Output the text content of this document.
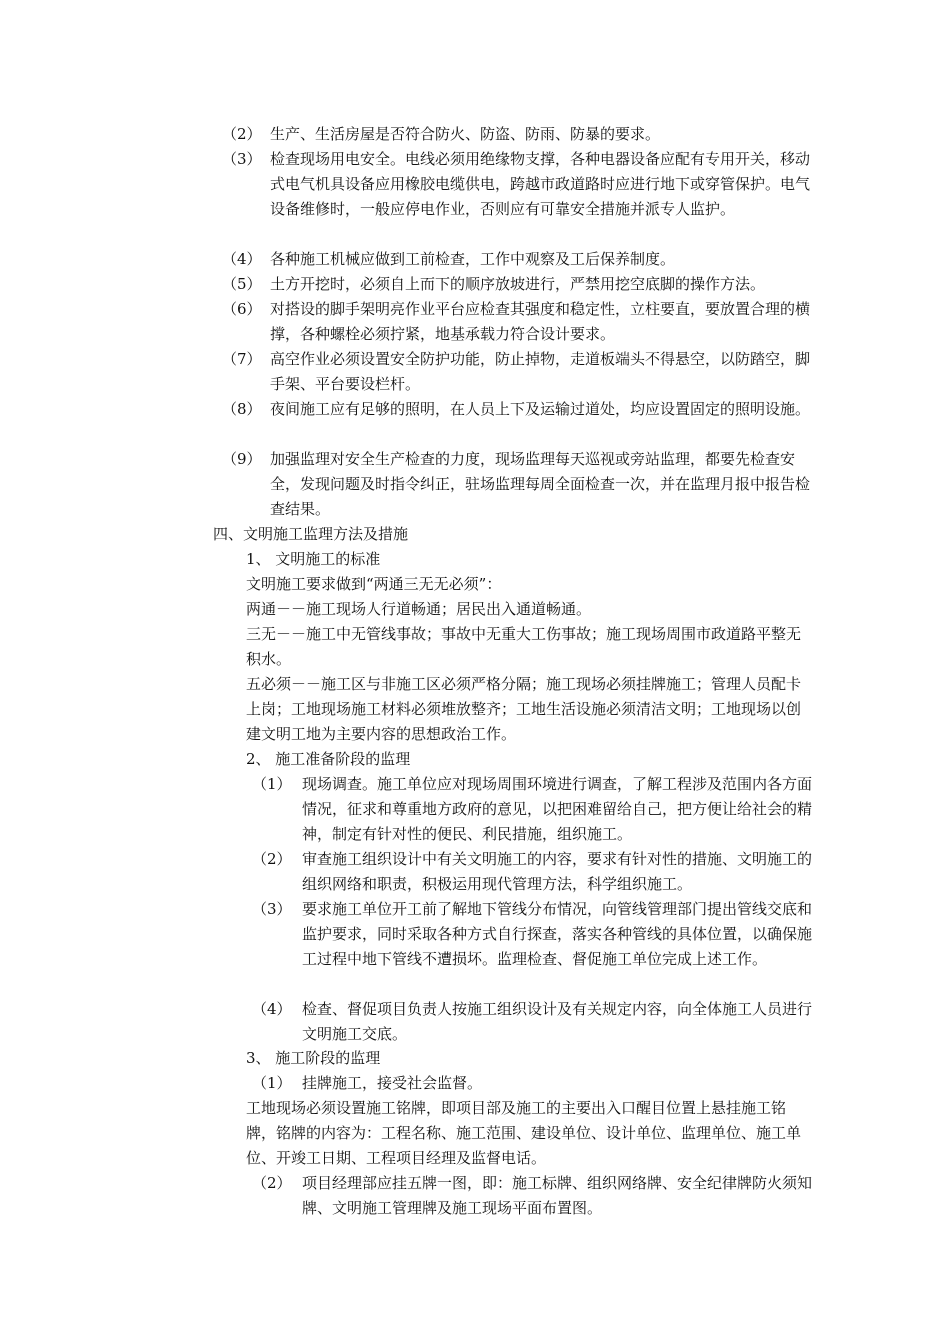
（2） 生产、生活房屋是否符合防火、防盗、防雨、防暴的要求。
（3） 检查现场用电安全。电线必须用绝缘物支撑，各种电器设备应配有专用开关，移动式电气机具设备应用橡胶电缆供电，跨越市政道路时应进行地下或穿管保护。电气设备维修时，一般应停电作业，否则应有可靠安全措施并派专人监护。
（4） 各种施工机械应做到工前检查，工作中观察及工后保养制度。
（5） 土方开挖时，必须自上而下的顺序放坡进行，严禁用挖空底脚的操作方法。
（6） 对搭设的脚手架明亮作业平台应检查其强度和稳定性，立柱要直，要放置合理的横撑，各种螺栓必须拧紧，地基承载力符合设计要求。
（7） 高空作业必须设置安全防护功能，防止掉物，走道板端头不得悬空，以防踏空，脚手架、平台要设栏杆。
（8） 夜间施工应有足够的照明，在人员上下及运输过道处，均应设置固定的照明设施。
（9） 加强监理对安全生产检查的力度，现场监理每天巡视或旁站监理，都要先检查安全，发现问题及时指令纠正，驻场监理每周全面检查一次，并在监理月报中报告检查结果。
四、文明施工监理方法及措施
1、 文明施工的标准
文明施工要求做到“两通三无无必须”：
两通－－施工现场人行道畅通；居民出入通道畅通。
三无－－施工中无管线事故；事故中无重大工伤事故；施工现场周围市政道路平整无积水。
五必须－－施工区与非施工区必须严格分隔；施工现场必须挂牌施工；管理人员配卡上岗；工地现场施工材料必须堆放整齐；工地生活设施必须清洁文明；工地现场以创建文明工地为主要内容的思想政治工作。
2、 施工准备阶段的监理
（1） 现场调查。施工单位应对现场周围环境进行调查，了解工程涉及范围内各方面情况，征求和尊重地方政府的意见，以把困难留给自己，把方便让给社会的精神，制定有针对性的便民、利民措施，组织施工。
（2） 审查施工组织设计中有关文明施工的内容，要求有针对性的措施、文明施工的组织网络和职责，积极运用现代管理方法，科学组织施工。
（3） 要求施工单位开工前了解地下管线分布情况，向管线管理部门提出管线交底和监护要求，同时采取各种方式自行探查，落实各种管线的具体位置，以确保施工过程中地下管线不遭损坏。监理检查、督促施工单位完成上述工作。
（4） 检查、督促项目负责人按施工组织设计及有关规定内容，向全体施工人员进行文明施工交底。
3、 施工阶段的监理
（1） 挂牌施工，接受社会监督。
工地现场必须设置施工铭牌，即项目部及施工的主要出入口醒目位置上悬挂施工铭牌，铭牌的内容为：工程名称、施工范围、建设单位、设计单位、监理单位、施工单位、开竣工日期、工程项目经理及监督电话。
（2） 项目经理部应挂五牌一图，即：施工标牌、组织网络牌、安全纪律牌防火须知牌、文明施工管理牌及施工现场平面布置图。
